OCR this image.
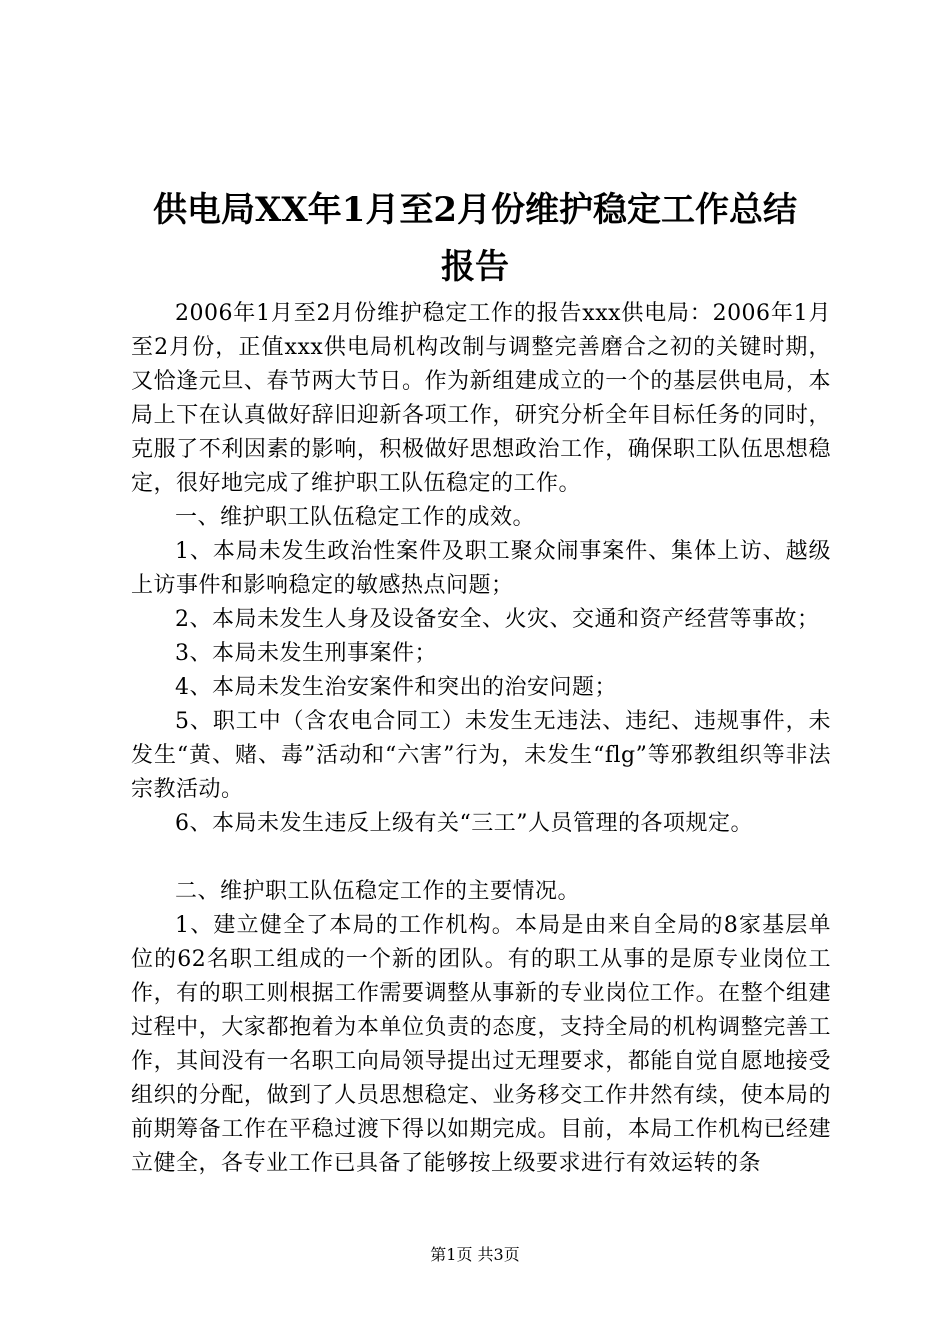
供电局XX年1月至2月份维护稳定工作总结
报告

2006年1月至2月份维护稳定工作的报告xxx供电局：2006年1月至2月份，正值xxx供电局机构改制与调整完善磨合之初的关键时期，又恰逢元旦、春节两大节日。作为新组建成立的一个的基层供电局，本局上下在认真做好辞旧迎新各项工作，研究分析全年目标任务的同时，克服了不利因素的影响，积极做好思想政治工作，确保职工队伍思想稳定，很好地完成了维护职工队伍稳定的工作。

一、维护职工队伍稳定工作的成效。

1、本局未发生政治性案件及职工聚众闹事案件、集体上访、越级上访事件和影响稳定的敏感热点问题；

2、本局未发生人身及设备安全、火灾、交通和资产经营等事故；

3、本局未发生刑事案件；

4、本局未发生治安案件和突出的治安问题；

5、职工中（含农电合同工）未发生无违法、违纪、违规事件，未发生“黄、赌、毒”活动和“六害”行为，未发生“flg”等邪教组织等非法宗教活动。

6、本局未发生违反上级有关“三工”人员管理的各项规定。

二、维护职工队伍稳定工作的主要情况。

1、建立健全了本局的工作机构。本局是由来自全局的8家基层单位的62名职工组成的一个新的团队。有的职工从事的是原专业岗位工作，有的职工则根据工作需要调整从事新的专业岗位工作。在整个组建过程中，大家都抱着为本单位负责的态度，支持全局的机构调整完善工作，其间没有一名职工向局领导提出过无理要求，都能自觉自愿地接受组织的分配，做到了人员思想稳定、业务移交工作井然有续，使本局的前期筹备工作在平稳过渡下得以如期完成。目前，本局工作机构已经建立健全，各专业工作已具备了能够按上级要求进行有效运转的条

第1页 共3页
